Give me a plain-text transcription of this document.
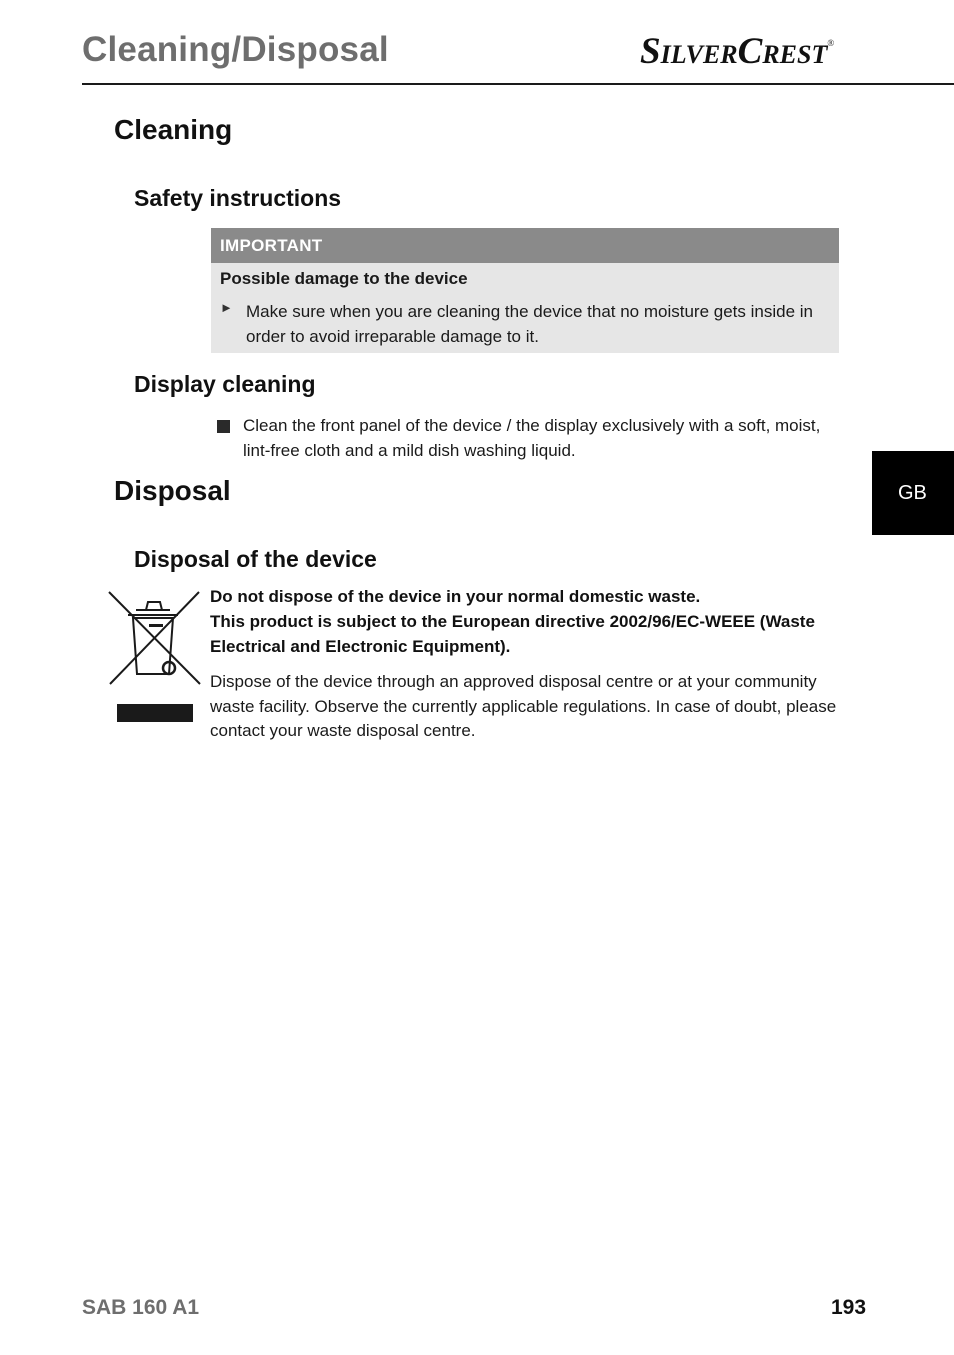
Cleaning/Disposal	SILVERCREST®
Cleaning
Safety instructions
IMPORTANT
Possible damage to the device
► Make sure when you are cleaning the device that no moisture gets inside in order to avoid irreparable damage to it.
Display cleaning
Clean the front panel of the device / the display exclusively with a soft, moist, lint-free cloth and a mild dish washing liquid.
Disposal
Disposal of the device
Do not dispose of the device in your normal domestic waste.
This product is subject to the European directive 2002/96/EC-WEEE (Waste Electrical and Electronic Equipment).
Dispose of the device through an approved disposal centre or at your community waste facility. Observe the currently applicable regulations. In case of doubt, please contact your waste disposal centre.
GB
SAB 160 A1	193
